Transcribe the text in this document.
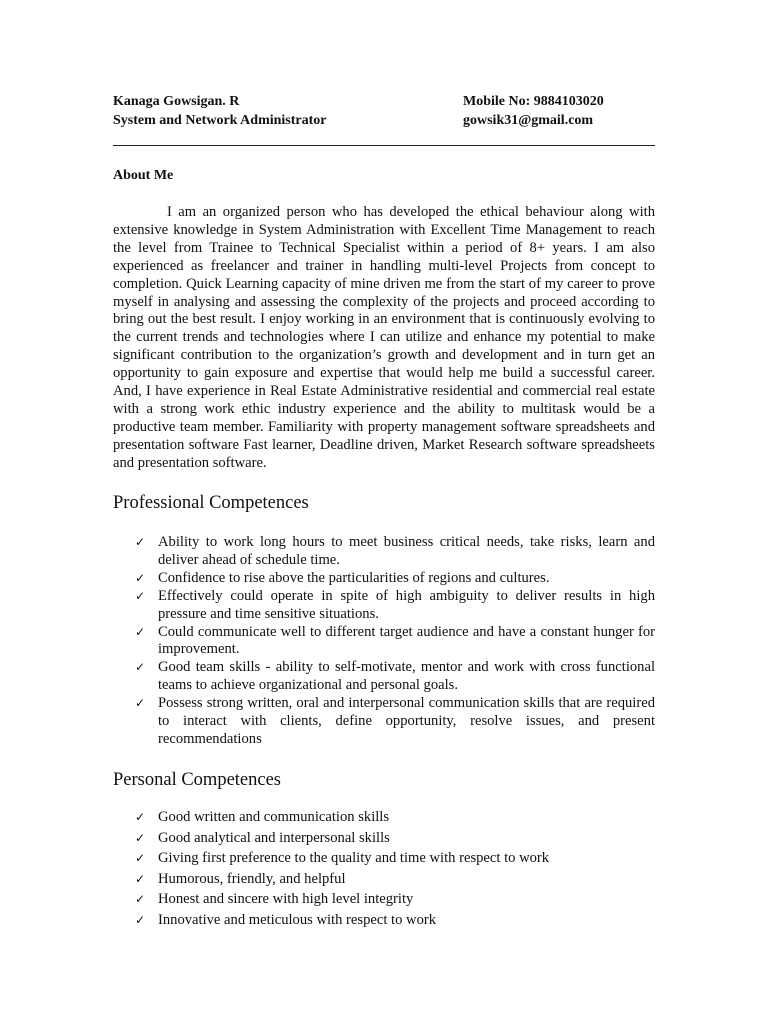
Kanaga Gowsigan. R
System and Network Administrator
Mobile No: 9884103020
gowsik31@gmail.com
About Me

I am an organized person who has developed the ethical behaviour along with extensive knowledge in System Administration with Excellent Time Management to reach the level from Trainee to Technical Specialist within a period of 8+ years. I am also experienced as freelancer and trainer in handling multi-level Projects from concept to completion. Quick Learning capacity of mine driven me from the start of my career to prove myself in analysing and assessing the complexity of the projects and proceed according to bring out the best result. I enjoy working in an environment that is continuously evolving to the current trends and technologies where I can utilize and enhance my potential to make significant contribution to the organization’s growth and development and in turn get an opportunity to gain exposure and expertise that would help me build a successful career. And, I have experience in Real Estate Administrative residential and commercial real estate with a strong work ethic industry experience and the ability to multitask would be a productive team member. Familiarity with property management software spreadsheets and presentation software Fast learner, Deadline driven, Market Research software spreadsheets and presentation software.

Professional Competences
✓ Ability to work long hours to meet business critical needs, take risks, learn and deliver ahead of schedule time.
✓ Confidence to rise above the particularities of regions and cultures.
✓ Effectively could operate in spite of high ambiguity to deliver results in high pressure and time sensitive situations.
✓ Could communicate well to different target audience and have a constant hunger for improvement.
✓ Good team skills - ability to self-motivate, mentor and work with cross functional teams to achieve organizational and personal goals.
✓ Possess strong written, oral and interpersonal communication skills that are required to interact with clients, define opportunity, resolve issues, and present recommendations
Personal Competences
✓ Good written and communication skills
✓ Good analytical and interpersonal skills
✓ Giving first preference to the quality and time with respect to work
✓ Humorous, friendly, and helpful
✓ Honest and sincere with high level integrity
✓ Innovative and meticulous with respect to work
